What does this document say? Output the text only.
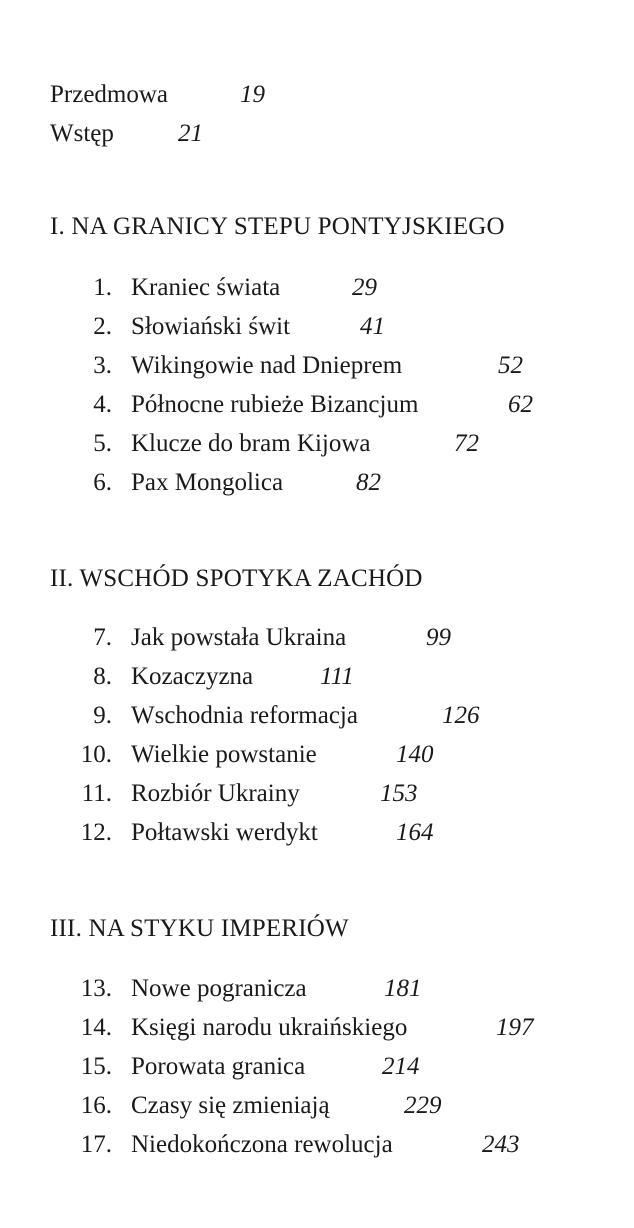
Przedmowa	19
Wstęp	21
I. NA GRANICY STEPU PONTYJSKIEGO
1. Kraniec świata	29
2. Słowiański świt	41
3. Wikingowie nad Dnieprem	52
4. Północne rubieże Bizancjum	62
5. Klucze do bram Kijowa	72
6. Pax Mongolica	82
II. WSCHÓD SPOTYKA ZACHÓD
7. Jak powstała Ukraina	99
8. Kozaczyzna	111
9. Wschodnia reformacja	126
10. Wielkie powstanie	140
11. Rozbiór Ukrainy	153
12. Połtawski werdykt	164
III. NA STYKU IMPERIÓW
13. Nowe pogranicza	181
14. Księgi narodu ukraińskiego	197
15. Porowata granica	214
16. Czasy się zmieniają	229
17. Niedokończona rewolucja	243
